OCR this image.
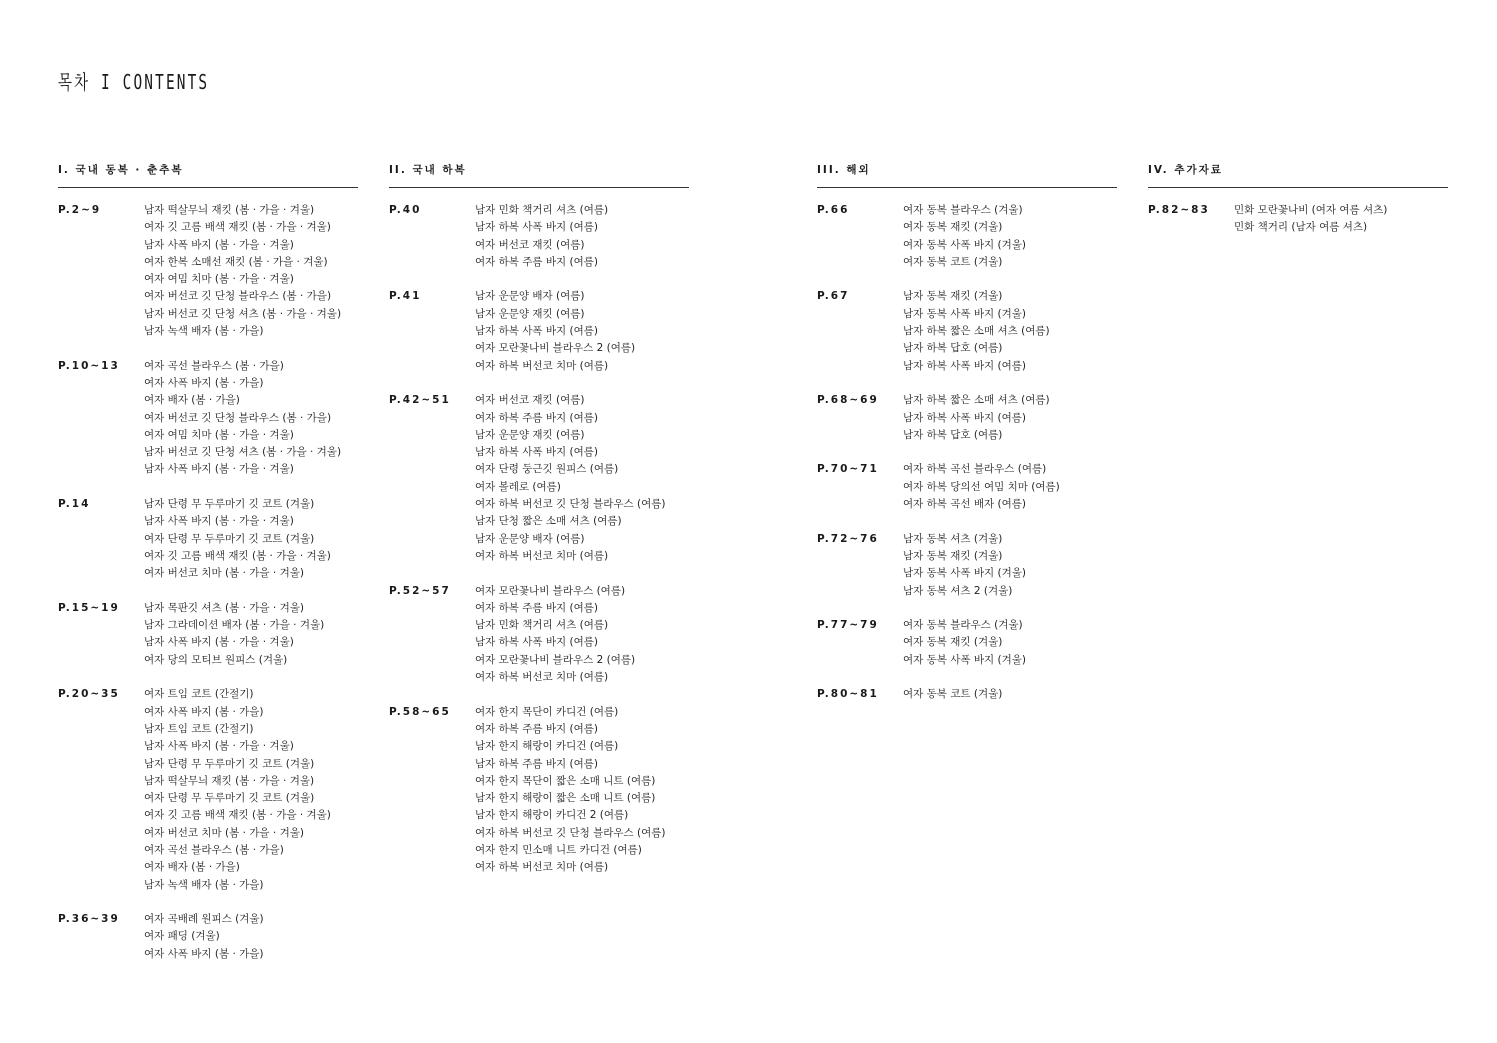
목차 I CONTENTS
I. 국내 동복 · 춘추복
P.2~9	남자 떡살무늬 재킷 (봄 · 가을 · 겨울)
여자 깃 고름 배색 재킷 (봄 · 가을 · 겨울)
남자 사폭 바지 (봄 · 가을 · 겨울)
여자 한복 소매선 재킷 (봄 · 가을 · 겨울)
여자 여밈 치마 (봄 · 가을 · 겨울)
여자 버선코 깃 단청 블라우스 (봄 · 가을)
남자 버선코 깃 단청 셔츠 (봄 · 가을 · 겨울)
남자 녹색 배자 (봄 · 가을)
P.10~13	여자 곡선 블라우스 (봄 · 가을)
여자 사폭 바지 (봄 · 가을)
여자 배자 (봄 · 가을)
여자 버선코 깃 단청 블라우스 (봄 · 가을)
여자 여밈 치마 (봄 · 가을 · 겨울)
남자 버선코 깃 단청 셔츠 (봄 · 가을 · 겨울)
남자 사폭 바지 (봄 · 가을 · 겨울)
P.14	남자 단령 무 두루마기 깃 코트 (겨울)
남자 사폭 바지 (봄 · 가을 · 겨울)
여자 단령 무 두루마기 깃 코트 (겨울)
여자 깃 고름 배색 재킷 (봄 · 가을 · 겨울)
여자 버선코 치마 (봄 · 가을 · 겨울)
P.15~19	남자 목판깃 셔츠 (봄 · 가을 · 겨울)
남자 그라데이션 배자 (봄 · 가을 · 겨울)
남자 사폭 바지 (봄 · 가을 · 겨울)
여자 당의 모티브 원피스 (겨울)
P.20~35	여자 트임 코트 (간절기)
여자 사폭 바지 (봄 · 가을)
남자 트임 코트 (간절기)
남자 사폭 바지 (봄 · 가을 · 겨울)
남자 단령 무 두루마기 깃 코트 (겨울)
남자 떡살무늬 재킷 (봄 · 가을 · 겨울)
여자 단령 무 두루마기 깃 코트 (겨울)
여자 깃 고름 배색 재킷 (봄 · 가을 · 겨울)
여자 버선코 치마 (봄 · 가을 · 겨울)
여자 곡선 블라우스 (봄 · 가을)
여자 배자 (봄 · 가을)
남자 녹색 배자 (봄 · 가을)
P.36~39	여자 곡배례 원피스 (겨울)
여자 패딩 (겨울)
여자 사폭 바지 (봄 · 가을)
II. 국내 하복
P.40	남자 민화 책거리 셔츠 (여름)
남자 하복 사폭 바지 (여름)
여자 버선코 재킷 (여름)
여자 하복 주름 바지 (여름)
P.41	남자 운문양 배자 (여름)
남자 운문양 재킷 (여름)
남자 하복 사폭 바지 (여름)
여자 모란꽃나비 블라우스 2 (여름)
여자 하복 버선코 치마 (여름)
P.42~51	여자 버선코 재킷 (여름)
여자 하복 주름 바지 (여름)
남자 운문양 재킷 (여름)
남자 하복 사폭 바지 (여름)
여자 단령 둥근깃 원피스 (여름)
여자 볼레로 (여름)
여자 하복 버선코 깃 단청 블라우스 (여름)
남자 단청 짧은 소매 셔츠 (여름)
남자 운문양 배자 (여름)
여자 하복 버선코 치마 (여름)
P.52~57	여자 모란꽃나비 블라우스 (여름)
여자 하복 주름 바지 (여름)
남자 민화 책거리 셔츠 (여름)
남자 하복 사폭 바지 (여름)
여자 모란꽃나비 블라우스 2 (여름)
여자 하복 버선코 치마 (여름)
P.58~65	여자 한지 목단이 카디건 (여름)
여자 하복 주름 바지 (여름)
남자 한지 해랑이 카디건 (여름)
남자 하복 주름 바지 (여름)
여자 한지 목단이 짧은 소매 니트 (여름)
남자 한지 해랑이 짧은 소매 니트 (여름)
남자 한지 해랑이 카디건 2 (여름)
여자 하복 버선코 깃 단청 블라우스 (여름)
여자 한지 민소매 니트 카디건 (여름)
여자 하복 버선코 치마 (여름)
III. 해외
P.66	여자 동복 블라우스 (겨울)
여자 동복 재킷 (겨울)
여자 동복 사폭 바지 (겨울)
여자 동복 코트 (겨울)
P.67	남자 동복 재킷 (겨울)
남자 동복 사폭 바지 (겨울)
남자 하복 짧은 소매 셔츠 (여름)
남자 하복 답호 (여름)
남자 하복 사폭 바지 (여름)
P.68~69	남자 하복 짧은 소매 셔츠 (여름)
남자 하복 사폭 바지 (여름)
남자 하복 답호 (여름)
P.70~71	여자 하복 곡선 블라우스 (여름)
여자 하복 당의선 여밈 치마 (여름)
여자 하복 곡선 배자 (여름)
P.72~76	남자 동복 셔츠 (겨울)
남자 동복 재킷 (겨울)
남자 동복 사폭 바지 (겨울)
남자 동복 셔츠 2 (겨울)
P.77~79	여자 동복 블라우스 (겨울)
여자 동복 재킷 (겨울)
여자 동복 사폭 바지 (겨울)
P.80~81	여자 동복 코트 (겨울)
IV. 추가자료
P.82~83	민화 모란꽃나비 (여자 여름 셔츠)
민화 책거리 (남자 여름 셔츠)
